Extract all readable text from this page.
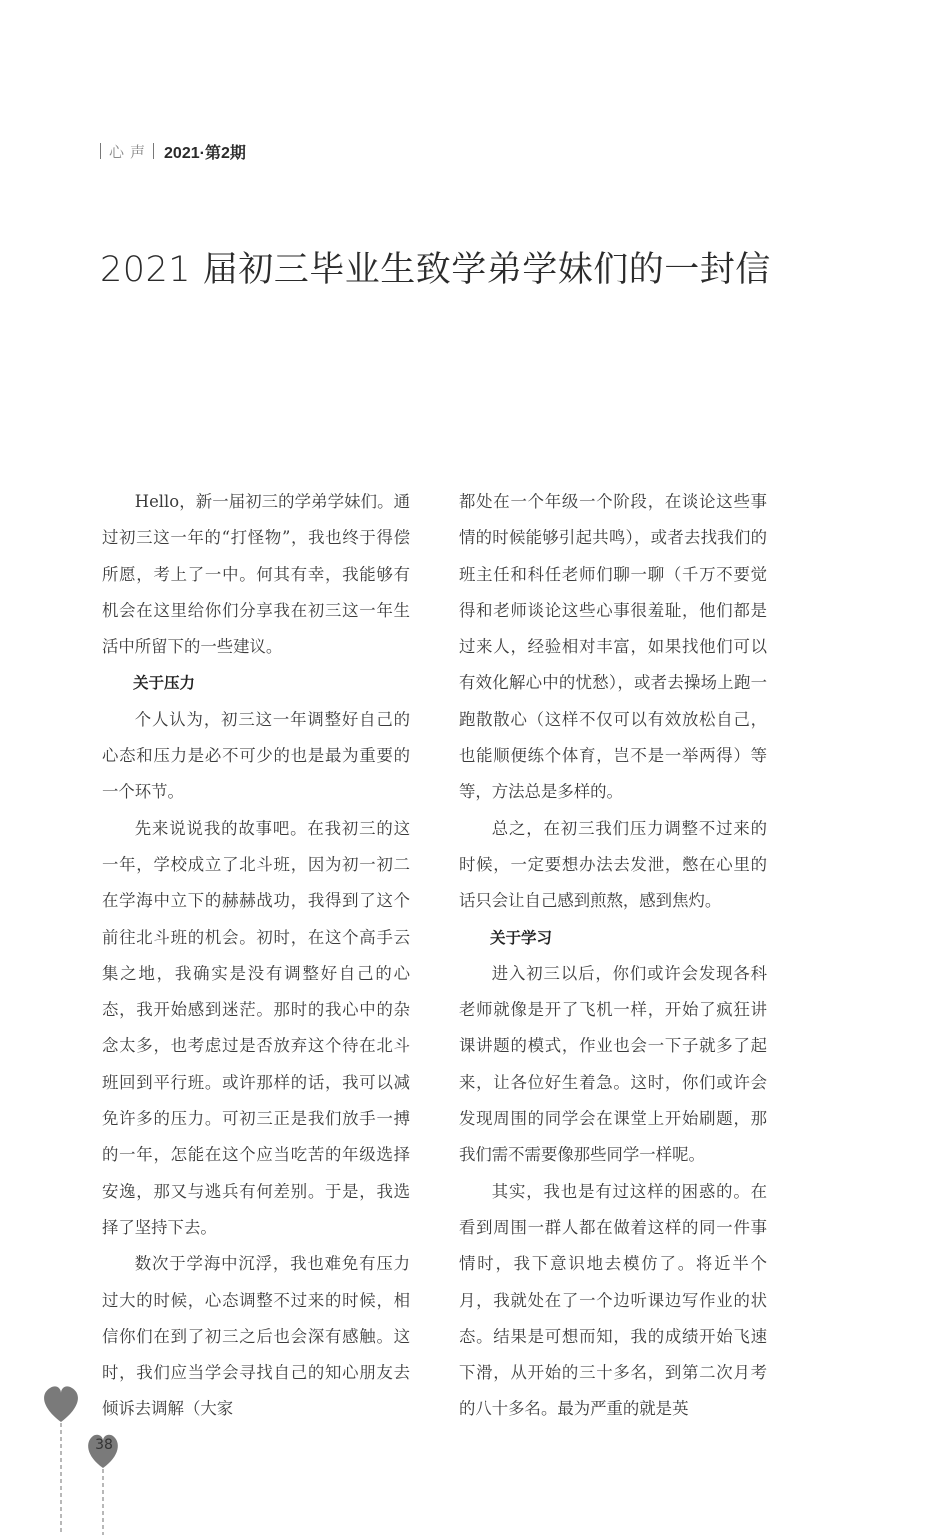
心声 2021·第2期
2021 届初三毕业生致学弟学妹们的一封信

Hello，新一届初三的学弟学妹们。通过初三这一年的“打怪物”，我也终于得偿所愿，考上了一中。何其有幸，我能够有机会在这里给你们分享我在初三这一年生活中所留下的一些建议。

关于压力

个人认为，初三这一年调整好自己的心态和压力是必不可少的也是最为重要的一个环节。

先来说说我的故事吧。在我初三的这一年，学校成立了北斗班，因为初一初二在学海中立下的赫赫战功，我得到了这个前往北斗班的机会。初时，在这个高手云集之地，我确实是没有调整好自己的心态，我开始感到迷茫。那时的我心中的杂念太多，也考虑过是否放弃这个待在北斗班回到平行班。或许那样的话，我可以减免许多的压力。可初三正是我们放手一搏的一年，怎能在这个应当吃苦的年级选择安逸，那又与逃兵有何差别。于是，我选择了坚持下去。

数次于学海中沉浮，我也难免有压力过大的时候，心态调整不过来的时候，相信你们在到了初三之后也会深有感触。这时，我们应当学会寻找自己的知心朋友去倾诉去调解（大家

都处在一个年级一个阶段，在谈论这些事情的时候能够引起共鸣），或者去找我们的班主任和科任老师们聊一聊（千万不要觉得和老师谈论这些心事很羞耻，他们都是过来人，经验相对丰富，如果找他们可以有效化解心中的忧愁），或者去操场上跑一跑散散心（这样不仅可以有效放松自己，也能顺便练个体育，岂不是一举两得）等等，方法总是多样的。

总之，在初三我们压力调整不过来的时候，一定要想办法去发泄，憋在心里的话只会让自己感到煎熬，感到焦灼。

关于学习

进入初三以后，你们或许会发现各科老师就像是开了飞机一样，开始了疯狂讲课讲题的模式，作业也会一下子就多了起来，让各位好生着急。这时，你们或许会发现周围的同学会在课堂上开始刷题，那我们需不需要像那些同学一样呢。

其实，我也是有过这样的困惑的。在看到周围一群人都在做着这样的同一件事情时，我下意识地去模仿了。将近半个月，我就处在了一个边听课边写作业的状态。结果是可想而知，我的成绩开始飞速下滑，从开始的三十多名，到第二次月考的八十多名。最为严重的就是英

38
